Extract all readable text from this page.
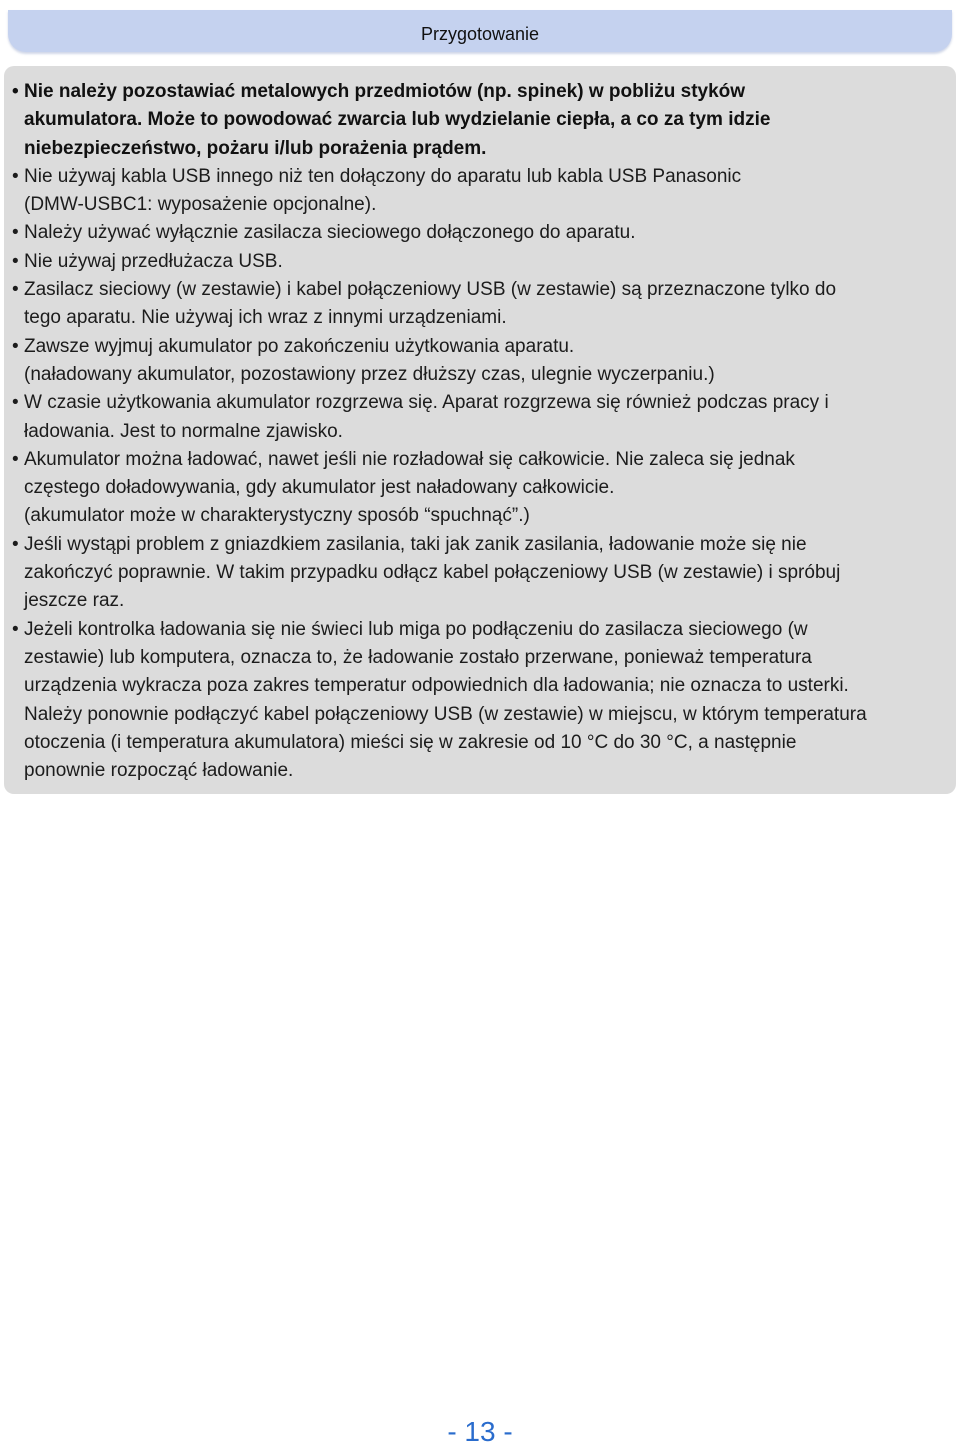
Przygotowanie
• Nie należy pozostawiać metalowych przedmiotów (np. spinek) w pobliżu styków
akumulatora. Może to powodować zwarcia lub wydzielanie ciepła, a co za tym idzie
niebezpieczeństwo, pożaru i/lub porażenia prądem.
• Nie używaj kabla USB innego niż ten dołączony do aparatu lub kabla USB Panasonic
(DMW-USBC1: wyposażenie opcjonalne).
• Należy używać wyłącznie zasilacza sieciowego dołączonego do aparatu.
• Nie używaj przedłużacza USB.
• Zasilacz sieciowy (w zestawie) i kabel połączeniowy USB (w zestawie) są przeznaczone tylko do
tego aparatu. Nie używaj ich wraz z innymi urządzeniami.
• Zawsze wyjmuj akumulator po zakończeniu użytkowania aparatu.
(naładowany akumulator, pozostawiony przez dłuższy czas, ulegnie wyczerpaniu.)
• W czasie użytkowania akumulator rozgrzewa się. Aparat rozgrzewa się również podczas pracy i
ładowania. Jest to normalne zjawisko.
• Akumulator można ładować, nawet jeśli nie rozładował się całkowicie. Nie zaleca się jednak
częstego doładowywania, gdy akumulator jest naładowany całkowicie.
(akumulator może w charakterystyczny sposób “spuchnąć”.)
• Jeśli wystąpi problem z gniazdkiem zasilania, taki jak zanik zasilania, ładowanie może się nie
zakończyć poprawnie. W takim przypadku odłącz kabel połączeniowy USB (w zestawie) i spróbuj
jeszcze raz.
• Jeżeli kontrolka ładowania się nie świeci lub miga po podłączeniu do zasilacza sieciowego (w
zestawie) lub komputera, oznacza to, że ładowanie zostało przerwane, ponieważ temperatura
urządzenia wykracza poza zakres temperatur odpowiednich dla ładowania; nie oznacza to usterki.
Należy ponownie podłączyć kabel połączeniowy USB (w zestawie) w miejscu, w którym temperatura
otoczenia (i temperatura akumulatora) mieści się w zakresie od 10 °C do 30 °C, a następnie
ponownie rozpocząć ładowanie.
- 13 -
